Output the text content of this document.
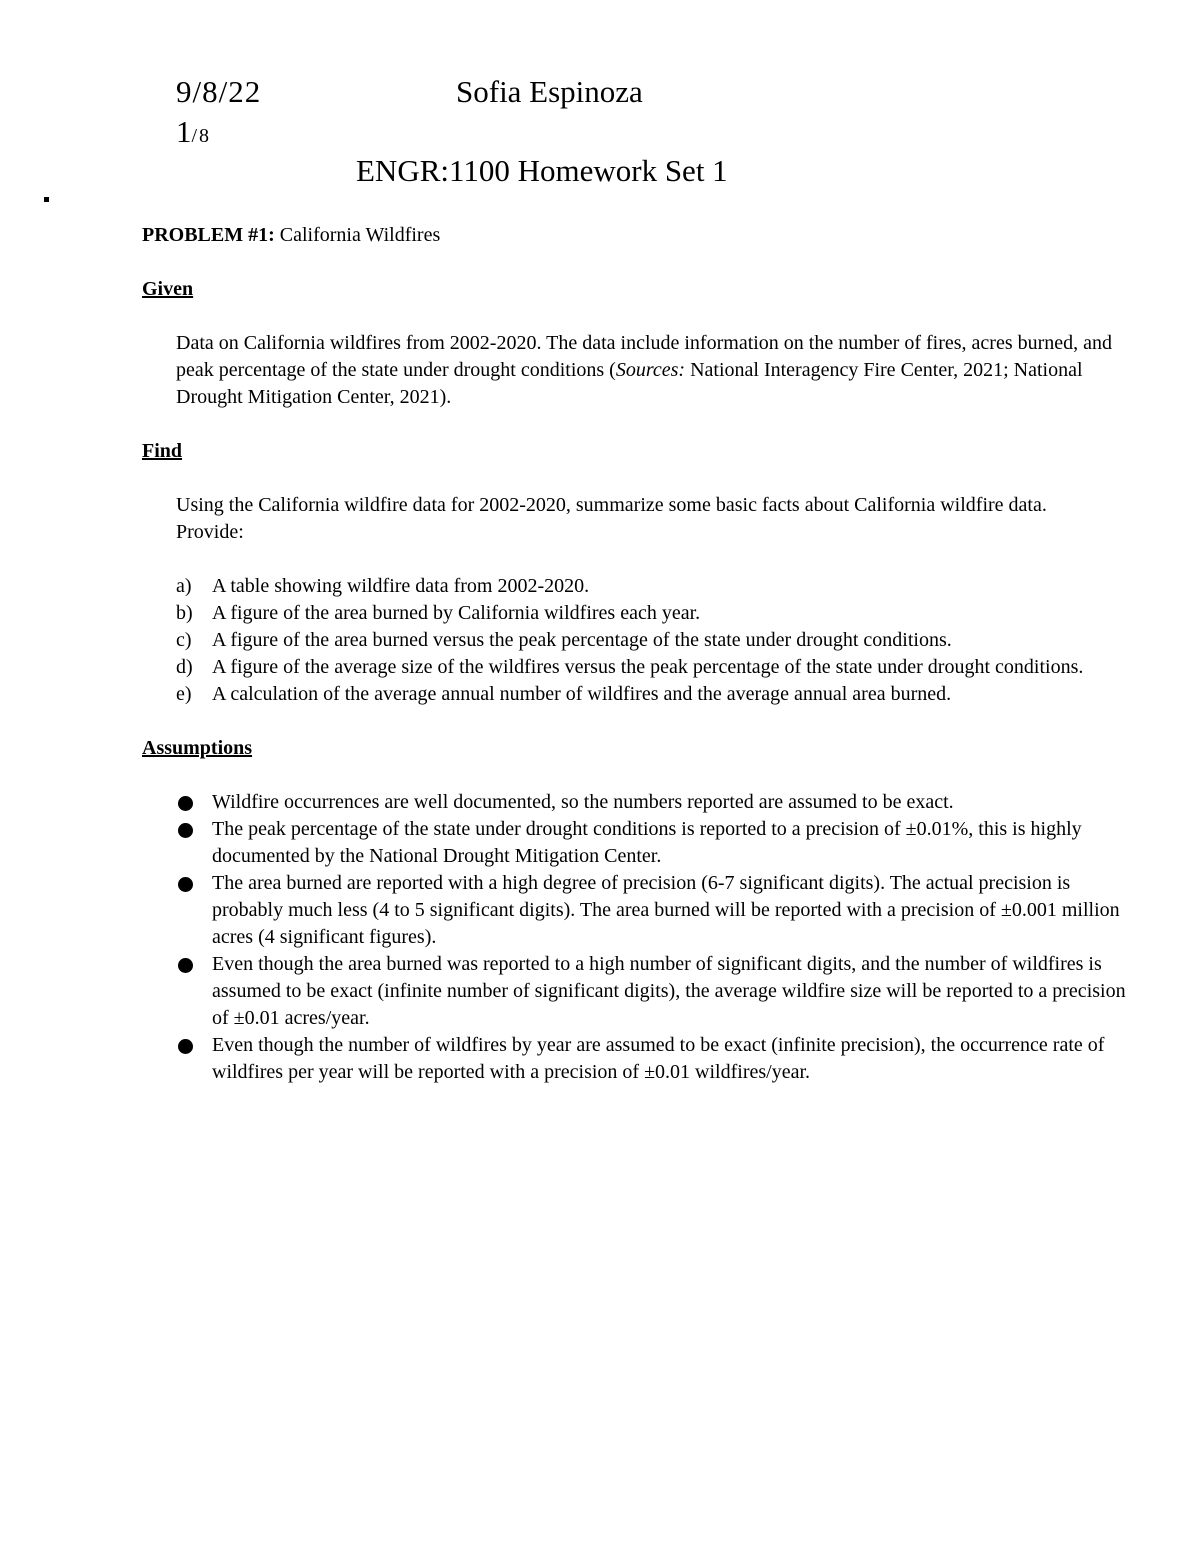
9/8/22	Sofia Espinoza
1/8
ENGR:1100 Homework Set 1

PROBLEM #1: California Wildfires

Given

Data on California wildfires from 2002-2020. The data include information on the number of fires, acres burned, and peak percentage of the state under drought conditions (Sources: National Interagency Fire Center, 2021; National Drought Mitigation Center, 2021).

Find

Using the California wildfire data for 2002-2020, summarize some basic facts about California wildfire data. Provide:

a) A table showing wildfire data from 2002-2020.
b) A figure of the area burned by California wildfires each year.
c) A figure of the area burned versus the peak percentage of the state under drought conditions.
d) A figure of the average size of the wildfires versus the peak percentage of the state under drought conditions.
e) A calculation of the average annual number of wildfires and the average annual area burned.

Assumptions

Wildfire occurrences are well documented, so the numbers reported are assumed to be exact.
The peak percentage of the state under drought conditions is reported to a precision of ±0.01%, this is highly documented by the National Drought Mitigation Center.
The area burned are reported with a high degree of precision (6-7 significant digits). The actual precision is probably much less (4 to 5 significant digits). The area burned will be reported with a precision of ±0.001 million acres (4 significant figures).
Even though the area burned was reported to a high number of significant digits, and the number of wildfires is assumed to be exact (infinite number of significant digits), the average wildfire size will be reported to a precision of ±0.01 acres/year.
Even though the number of wildfires by year are assumed to be exact (infinite precision), the occurrence rate of wildfires per year will be reported with a precision of ±0.01 wildfires/year.
